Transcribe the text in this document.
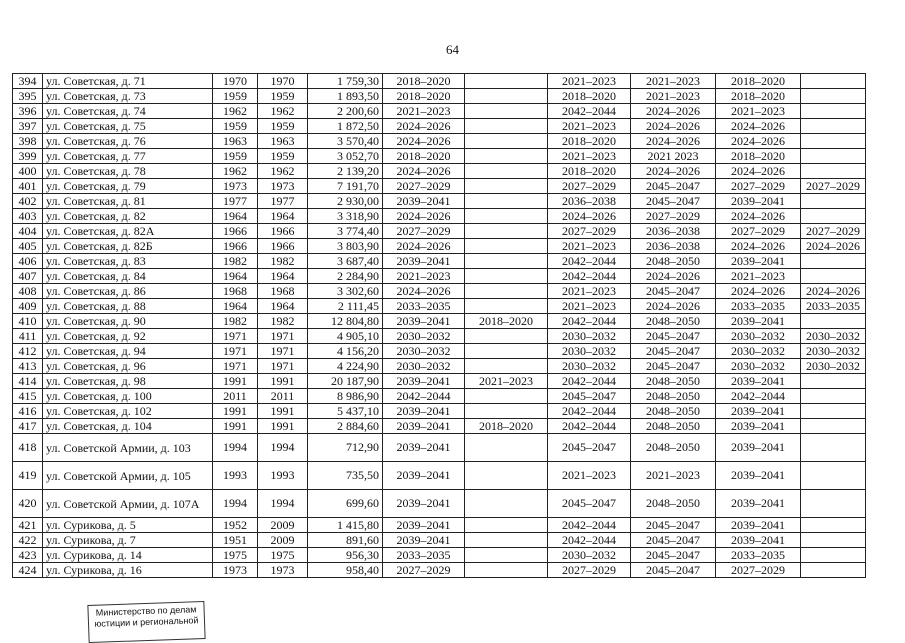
64
394	ул. Советская, д. 71	1970	1970	1 759,30	2018–2020		2021–2023	2021–2023	2018–2020	
395	ул. Советская, д. 73	1959	1959	1 893,50	2018–2020		2018–2020	2021–2023	2018–2020	
396	ул. Советская, д. 74	1962	1962	2 200,60	2021–2023		2042–2044	2024–2026	2021–2023	
397	ул. Советская, д. 75	1959	1959	1 872,50	2024–2026		2021–2023	2024–2026	2024–2026	
398	ул. Советская, д. 76	1963	1963	3 570,40	2024–2026		2018–2020	2024–2026	2024–2026	
399	ул. Советская, д. 77	1959	1959	3 052,70	2018–2020		2021–2023	2021 2023	2018–2020	
400	ул. Советская, д. 78	1962	1962	2 139,20	2024–2026		2018–2020	2024–2026	2024–2026	
401	ул. Советская, д. 79	1973	1973	7 191,70	2027–2029		2027–2029	2045–2047	2027–2029	2027–2029
402	ул. Советская, д. 81	1977	1977	2 930,00	2039–2041		2036–2038	2045–2047	2039–2041	
403	ул. Советская, д. 82	1964	1964	3 318,90	2024–2026		2024–2026	2027–2029	2024–2026	
404	ул. Советская, д. 82А	1966	1966	3 774,40	2027–2029		2027–2029	2036–2038	2027–2029	2027–2029
405	ул. Советская, д. 82Б	1966	1966	3 803,90	2024–2026		2021–2023	2036–2038	2024–2026	2024–2026
406	ул. Советская, д. 83	1982	1982	3 687,40	2039–2041		2042–2044	2048–2050	2039–2041	
407	ул. Советская, д. 84	1964	1964	2 284,90	2021–2023		2042–2044	2024–2026	2021–2023	
408	ул. Советская, д. 86	1968	1968	3 302,60	2024–2026		2021–2023	2045–2047	2024–2026	2024–2026
409	ул. Советская, д. 88	1964	1964	2 111,45	2033–2035		2021–2023	2024–2026	2033–2035	2033–2035
410	ул. Советская, д. 90	1982	1982	12 804,80	2039–2041	2018–2020	2042–2044	2048–2050	2039–2041	
411	ул. Советская, д. 92	1971	1971	4 905,10	2030–2032		2030–2032	2045–2047	2030–2032	2030–2032
412	ул. Советская, д. 94	1971	1971	4 156,20	2030–2032		2030–2032	2045–2047	2030–2032	2030–2032
413	ул. Советская, д. 96	1971	1971	4 224,90	2030–2032		2030–2032	2045–2047	2030–2032	2030–2032
414	ул. Советская, д. 98	1991	1991	20 187,90	2039–2041	2021–2023	2042–2044	2048–2050	2039–2041	
415	ул. Советская, д. 100	2011	2011	8 986,90	2042–2044		2045–2047	2048–2050	2042–2044	
416	ул. Советская, д. 102	1991	1991	5 437,10	2039–2041		2042–2044	2048–2050	2039–2041	
417	ул. Советская, д. 104	1991	1991	2 884,60	2039–2041	2018–2020	2042–2044	2048–2050	2039–2041	
418	ул. Советской Армии, д. 103	1994	1994	712,90	2039–2041		2045–2047	2048–2050	2039–2041	
419	ул. Советской Армии, д. 105	1993	1993	735,50	2039–2041		2021–2023	2021–2023	2039–2041	
420	ул. Советской Армии, д. 107А	1994	1994	699,60	2039–2041		2045–2047	2048–2050	2039–2041	
421	ул. Сурикова, д. 5	1952	2009	1 415,80	2039–2041		2042–2044	2045–2047	2039–2041	
422	ул. Сурикова, д. 7	1951	2009	891,60	2039–2041		2042–2044	2045–2047	2039–2041	
423	ул. Сурикова, д. 14	1975	1975	956,30	2033–2035		2030–2032	2045–2047	2033–2035	
424	ул. Сурикова, д. 16	1973	1973	958,40	2027–2029		2027–2029	2045–2047	2027–2029	
Министерство по делам
юстиции и региональной
